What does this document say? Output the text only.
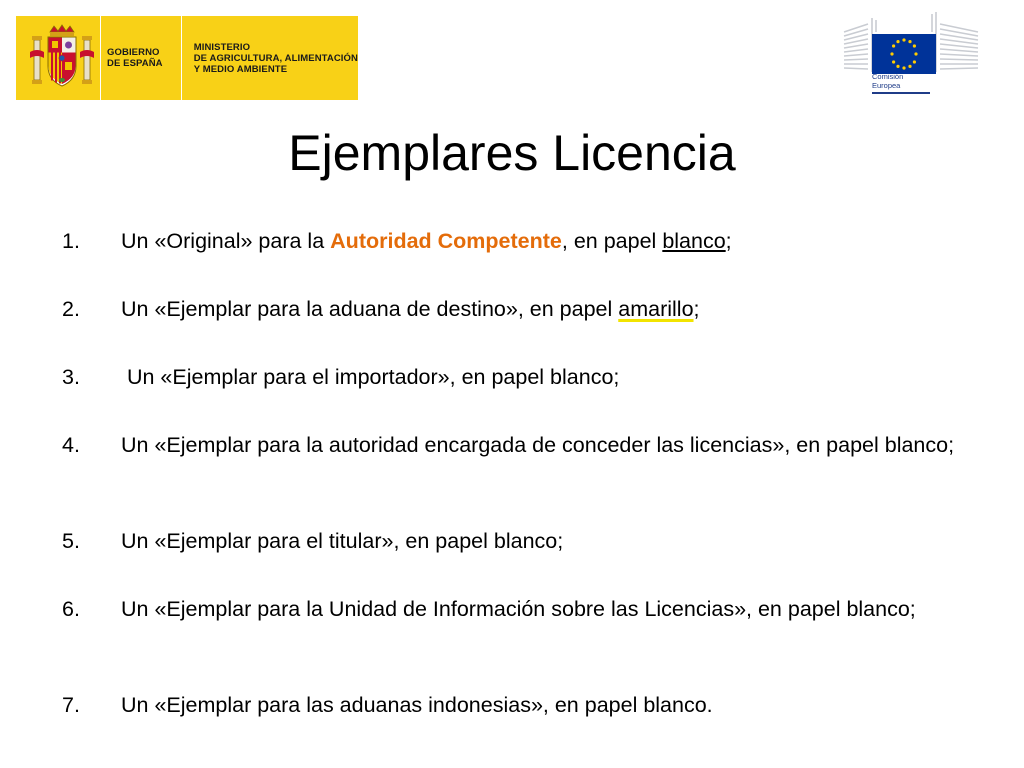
GOBIERNO
DE ESPAÑA
MINISTERIO
DE AGRICULTURA, ALIMENTACIÓN
Y MEDIO AMBIENTE
Comisión
Europea
Ejemplares Licencia
1. Un «Original» para la Autoridad Competente, en papel blanco;
2. Un «Ejemplar para la aduana de destino», en papel amarillo;
3. Un «Ejemplar para el importador», en papel blanco;
4. Un «Ejemplar para la autoridad encargada de conceder las licencias», en papel blanco;
5. Un «Ejemplar para el titular», en papel blanco;
6. Un «Ejemplar para la Unidad de Información sobre las Licencias», en papel blanco;
7. Un «Ejemplar para las aduanas indonesias», en papel blanco.
